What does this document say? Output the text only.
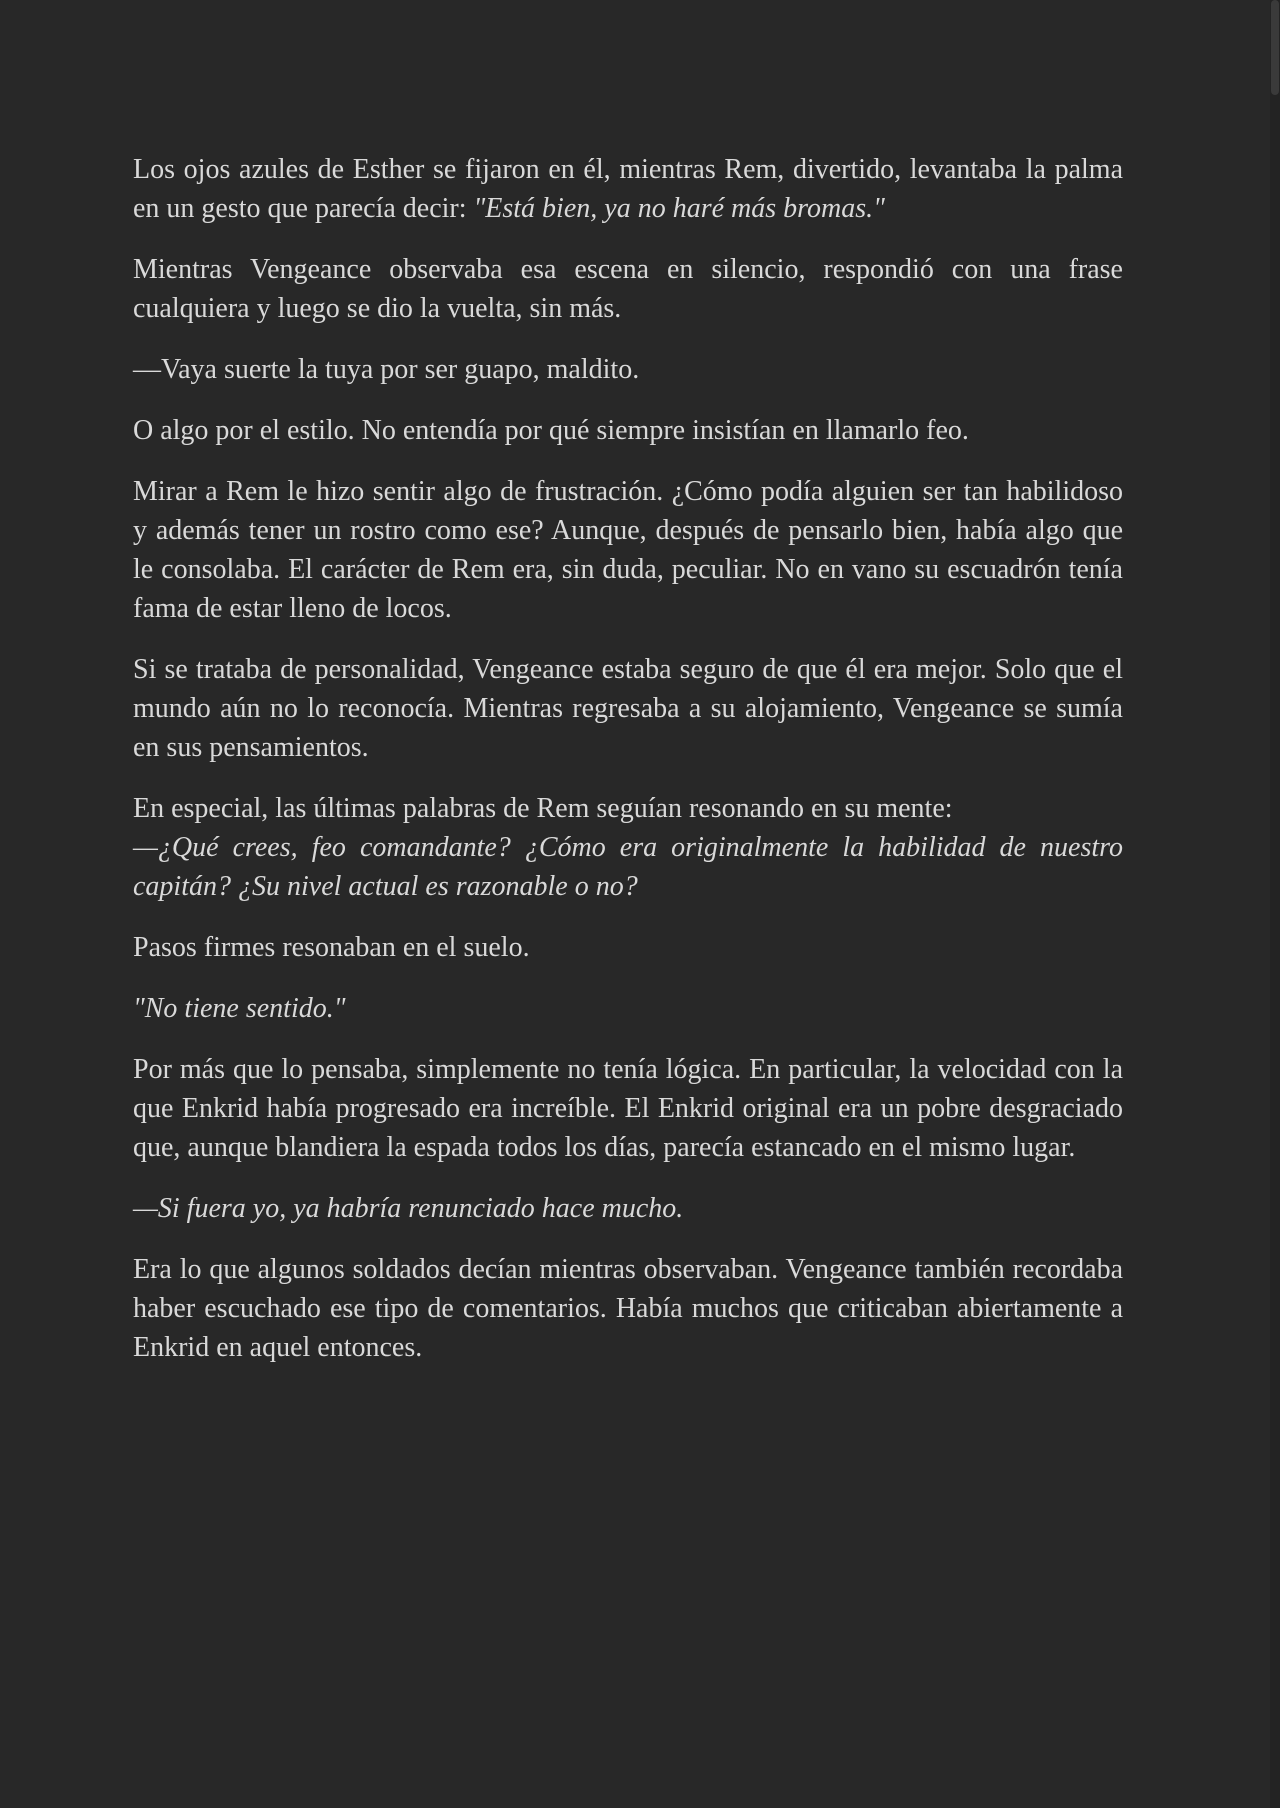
Los ojos azules de Esther se fijaron en él, mientras Rem, divertido, levantaba la palma en un gesto que parecía decir: "Está bien, ya no haré más bromas."

Mientras Vengeance observaba esa escena en silencio, respondió con una frase cualquiera y luego se dio la vuelta, sin más.

—Vaya suerte la tuya por ser guapo, maldito.

O algo por el estilo. No entendía por qué siempre insistían en llamarlo feo.

Mirar a Rem le hizo sentir algo de frustración. ¿Cómo podía alguien ser tan habilidoso y además tener un rostro como ese? Aunque, después de pensarlo bien, había algo que le consolaba. El carácter de Rem era, sin duda, peculiar. No en vano su escuadrón tenía fama de estar lleno de locos.

Si se trataba de personalidad, Vengeance estaba seguro de que él era mejor. Solo que el mundo aún no lo reconocía. Mientras regresaba a su alojamiento, Vengeance se sumía en sus pensamientos.

En especial, las últimas palabras de Rem seguían resonando en su mente:

—¿Qué crees, feo comandante? ¿Cómo era originalmente la habilidad de nuestro capitán? ¿Su nivel actual es razonable o no?

Pasos firmes resonaban en el suelo.

"No tiene sentido."

Por más que lo pensaba, simplemente no tenía lógica. En particular, la velocidad con la que Enkrid había progresado era increíble. El Enkrid original era un pobre desgraciado que, aunque blandiera la espada todos los días, parecía estancado en el mismo lugar.

—Si fuera yo, ya habría renunciado hace mucho.

Era lo que algunos soldados decían mientras observaban. Vengeance también recordaba haber escuchado ese tipo de comentarios. Había muchos que criticaban abiertamente a Enkrid en aquel entonces.
